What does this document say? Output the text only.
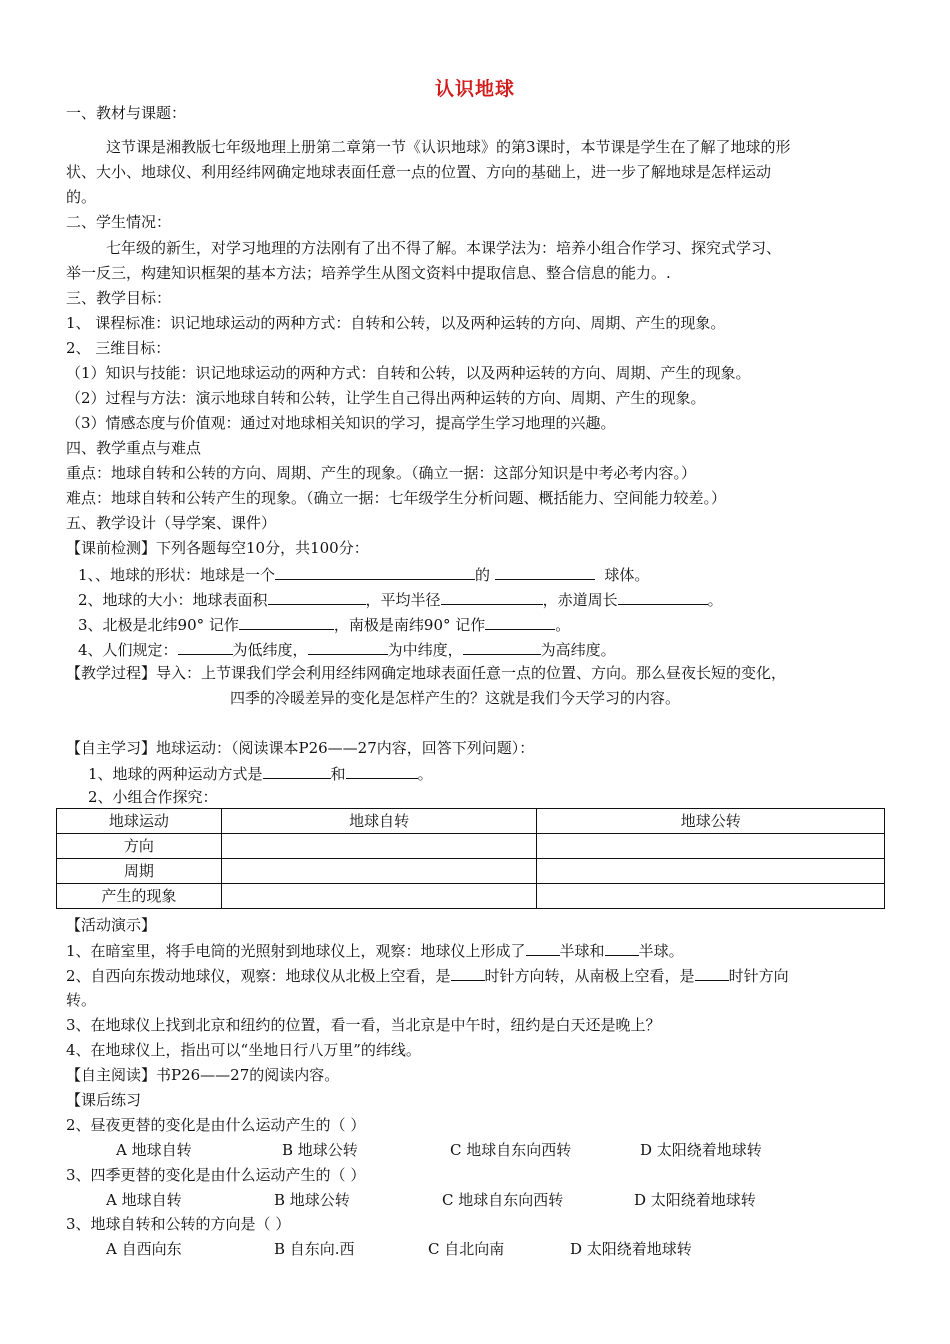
认识地球
一、教材与课题：
这节课是湘教版七年级地理上册第二章第一节《认识地球》的第3课时，本节课是学生在了解了地球的形
状、大小、地球仪、利用经纬网确定地球表面任意一点的位置、方向的基础上，进一步了解地球是怎样运动
的。
二、学生情况：
七年级的新生，对学习地理的方法刚有了出不得了解。本课学法为：培养小组合作学习、探究式学习、
举一反三，构建知识框架的基本方法；培养学生从图文资料中提取信息、整合信息的能力。.
三、教学目标：
1、 课程标准：识记地球运动的两种方式：自转和公转，以及两种运转的方向、周期、产生的现象。
2、 三维目标：
（1）知识与技能：识记地球运动的两种方式：自转和公转，以及两种运转的方向、周期、产生的现象。
（2）过程与方法：演示地球自转和公转，让学生自己得出两种运转的方向、周期、产生的现象。
（3）情感态度与价值观：通过对地球相关知识的学习，提高学生学习地理的兴趣。
四、教学重点与难点
重点：地球自转和公转的方向、周期、产生的现象。（确立一据：这部分知识是中考必考内容。）
难点：地球自转和公转产生的现象。（确立一据：七年级学生分析问题、概括能力、空间能力较差。）
五、教学设计（导学案、课件）
【课前检测】下列各题每空10分，共100分：
1、、地球的形状：地球是一个	的	球体。
2、地球的大小：地球表面积	，平均半径	，赤道周长	。
3、北极是北纬90° 记作	，南极是南纬90° 记作	。
4、人们规定：	为低纬度，	为中纬度，	为高纬度。
【教学过程】导入：上节课我们学会利用经纬网确定地球表面任意一点的位置、方向。那么昼夜长短的变化，
四季的冷暖差异的变化是怎样产生的？这就是我们今天学习的内容。
【自主学习】地球运动：（阅读课本P26——27内容，回答下列问题）：
1、地球的两种运动方式是	和	。
2、小组合作探究：
地球运动	地球自转	地球公转
方向		
周期		
产生的现象		
【活动演示】
1、在暗室里，将手电筒的光照射到地球仪上，观察：地球仪上形成了 半球和 半球。
2、自西向东拨动地球仪，观察：地球仪从北极上空看，是 时针方向转，从南极上空看，是 时针方向
转。
3、在地球仪上找到北京和纽约的位置，看一看，当北京是中午时，纽约是白天还是晚上？
4、在地球仪上，指出可以“坐地日行八万里”的纬线。
【自主阅读】书P26——27的阅读内容。
【课后练习
2、昼夜更替的变化是由什么运动产生的（ ）
A 地球自转	B 地球公转	C 地球自东向西转	D 太阳绕着地球转
3、四季更替的变化是由什么运动产生的（ ）
A 地球自转	B 地球公转	C 地球自东向西转	D 太阳绕着地球转
3、地球自转和公转的方向是（ ）
A 自西向东	B 自东向.西	C 自北向南	D 太阳绕着地球转
